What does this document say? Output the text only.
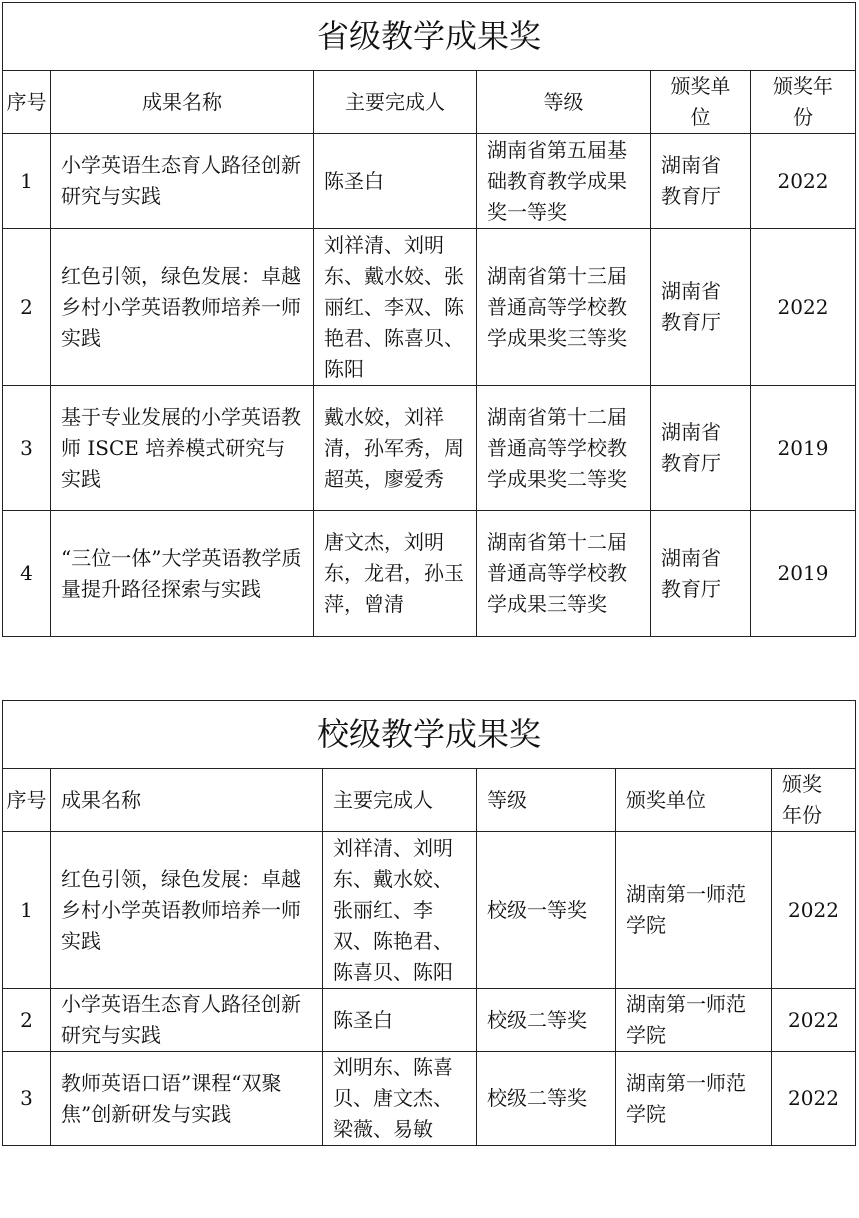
省级教学成果奖					
序号	成果名称	主要完成人	等级	颁奖单位	颁奖年份
1	小学英语生态育人路径创新研究与实践	陈圣白	湖南省第五届基础教育教学成果奖一等奖	湖南省教育厅	2022
2	红色引领，绿色发展：卓越乡村小学英语教师培养一师实践	刘祥清、刘明东、戴水姣、张丽红、李双、陈艳君、陈喜贝、陈阳	湖南省第十三届普通高等学校教学成果奖三等奖	湖南省教育厅	2022
3	基于专业发展的小学英语教师 ISCE 培养模式研究与实践	戴水姣，刘祥清，孙军秀，周超英，廖爱秀	湖南省第十二届普通高等学校教学成果奖二等奖	湖南省教育厅	2019
4	“三位一体”大学英语教学质量提升路径探索与实践	唐文杰，刘明东，龙君，孙玉萍，曾清	湖南省第十二届普通高等学校教学成果三等奖	湖南省教育厅	2019
校级教学成果奖					
序号	成果名称	主要完成人	等级	颁奖单位	颁奖年份
1	红色引领，绿色发展：卓越乡村小学英语教师培养一师实践	刘祥清、刘明东、戴水姣、张丽红、李双、陈艳君、陈喜贝、陈阳	校级一等奖	湖南第一师范学院	2022
2	小学英语生态育人路径创新研究与实践	陈圣白	校级二等奖	湖南第一师范学院	2022
3	教师英语口语”课程“双聚焦”创新研发与实践	刘明东、陈喜贝、唐文杰、梁薇、易敏	校级二等奖	湖南第一师范学院	2022
